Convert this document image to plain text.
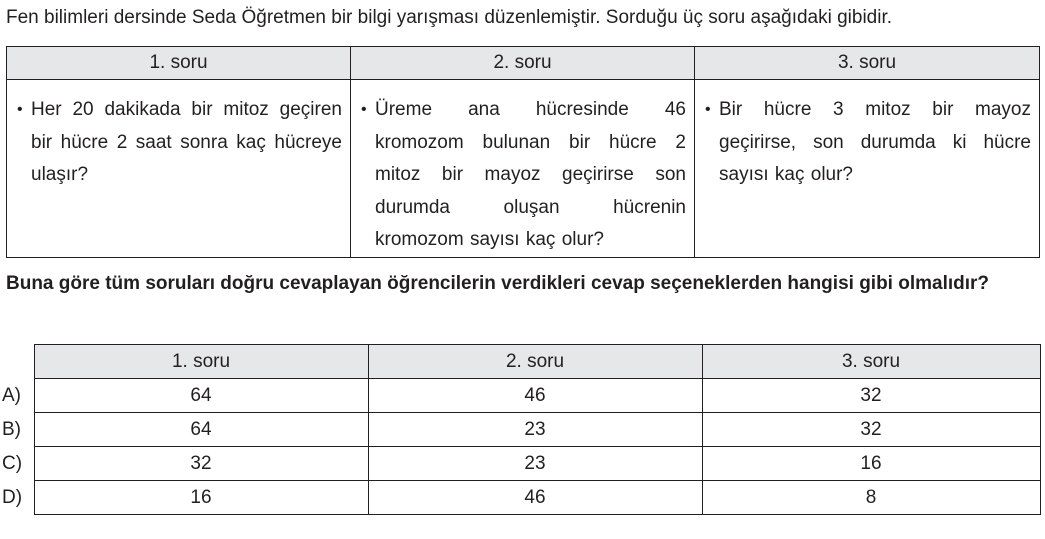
Fen bilimleri dersinde Seda Öğretmen bir bilgi yarışması düzenlemiştir. Sorduğu üç soru aşağıdaki gibidir.
1. soru	2. soru	3. soru

• Her 20 dakikada bir mitoz geçiren bir hücre 2 saat sonra kaç hücreye ulaşır?	• Üreme ana hücresinde 46 kromozom bulunan bir hücre 2 mitoz bir mayoz geçirirse son durumda oluşan hücrenin kromozom sayısı kaç olur?	• Bir hücre 3 mitoz bir mayoz geçirirse, son durumda ki hücre sayısı kaç olur?
Buna göre tüm soruları doğru cevaplayan öğrencilerin verdikleri cevap seçeneklerden hangisi gibi olmalıdır?
	1. soru	2. soru	3. soru
A)	64	46	32
B)	64	23	32
C)	32	23	16
D)	16	46	8
